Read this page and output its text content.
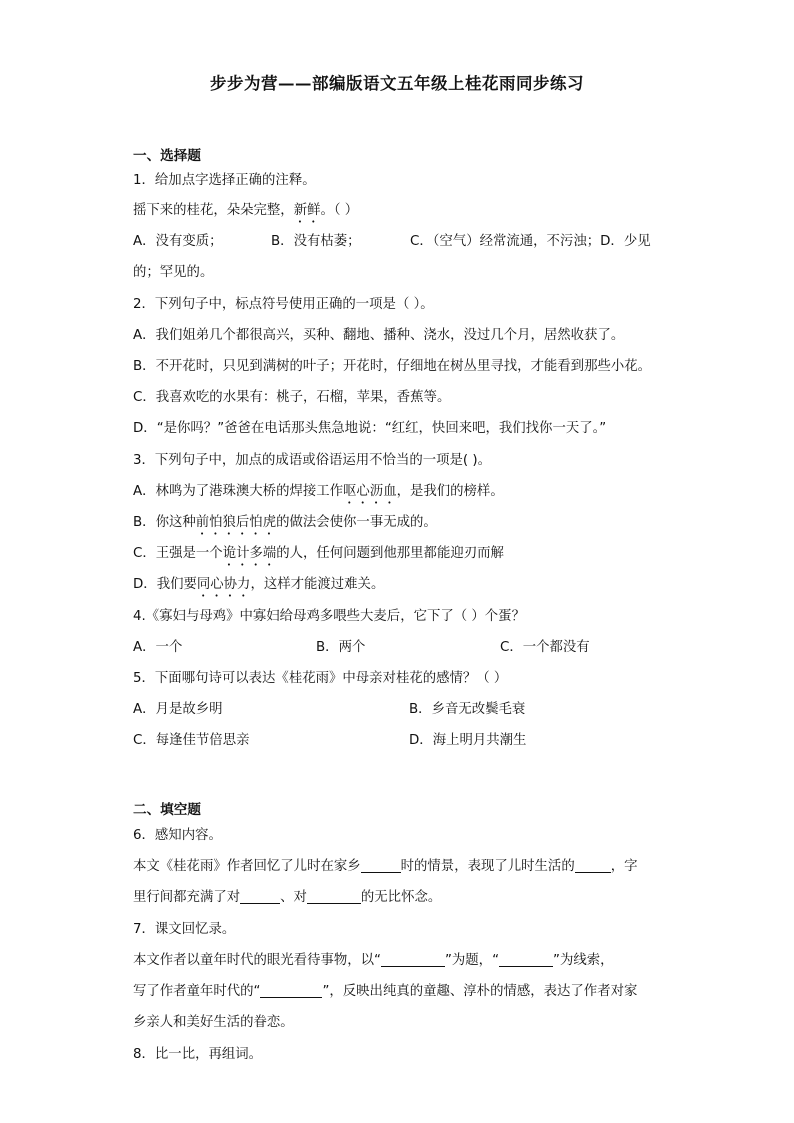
步步为营——部编版语文五年级上桂花雨同步练习
一、选择题
1．给加点字选择正确的注释。
摇下来的桂花，朵朵完整，新鲜。（ ）
A．没有变质；	B．没有枯萎；	C．（空气）经常流通，不污浊；D．少见
的；罕见的。
2．下列句子中，标点符号使用正确的一项是（ ）。
A．我们姐弟几个都很高兴，买种、翻地、播种、浇水，没过几个月，居然收获了。
B．不开花时，只见到满树的叶子；开花时，仔细地在树丛里寻找，才能看到那些小花。
C．我喜欢吃的水果有：桃子，石榴，苹果，香蕉等。
D．“是你吗？”爸爸在电话那头焦急地说：“红红，快回来吧，我们找你一天了。”
3．下列句子中，加点的成语或俗语运用不恰当的一项是( )。
A．林鸣为了港珠澳大桥的焊接工作呕心沥血，是我们的榜样。
B．你这种前怕狼后怕虎的做法会使你一事无成的。
C．王强是一个诡计多端的人，任何问题到他那里都能迎刃而解
D．我们要同心协力，这样才能渡过难关。
4.《寡妇与母鸡》中寡妇给母鸡多喂些大麦后，它下了（ ）个蛋？
A．一个	B．两个	C．一个都没有
5．下面哪句诗可以表达《桂花雨》中母亲对桂花的感情？（ ）
A．月是故乡明	B．乡音无改鬓毛衰
C．每逢佳节倍思亲	D．海上明月共潮生
二、填空题
6．感知内容。
本文《桂花雨》作者回忆了儿时在家乡	时的情景，表现了儿时生活的	，字
里行间都充满了对	、对	的无比怀念。
7．课文回忆录。
本文作者以童年时代的眼光看待事物，以“	”为题，“	”为线索，
写了作者童年时代的“	”，反映出纯真的童趣、淳朴的情感，表达了作者对家
乡亲人和美好生活的眷恋。
8．比一比，再组词。
